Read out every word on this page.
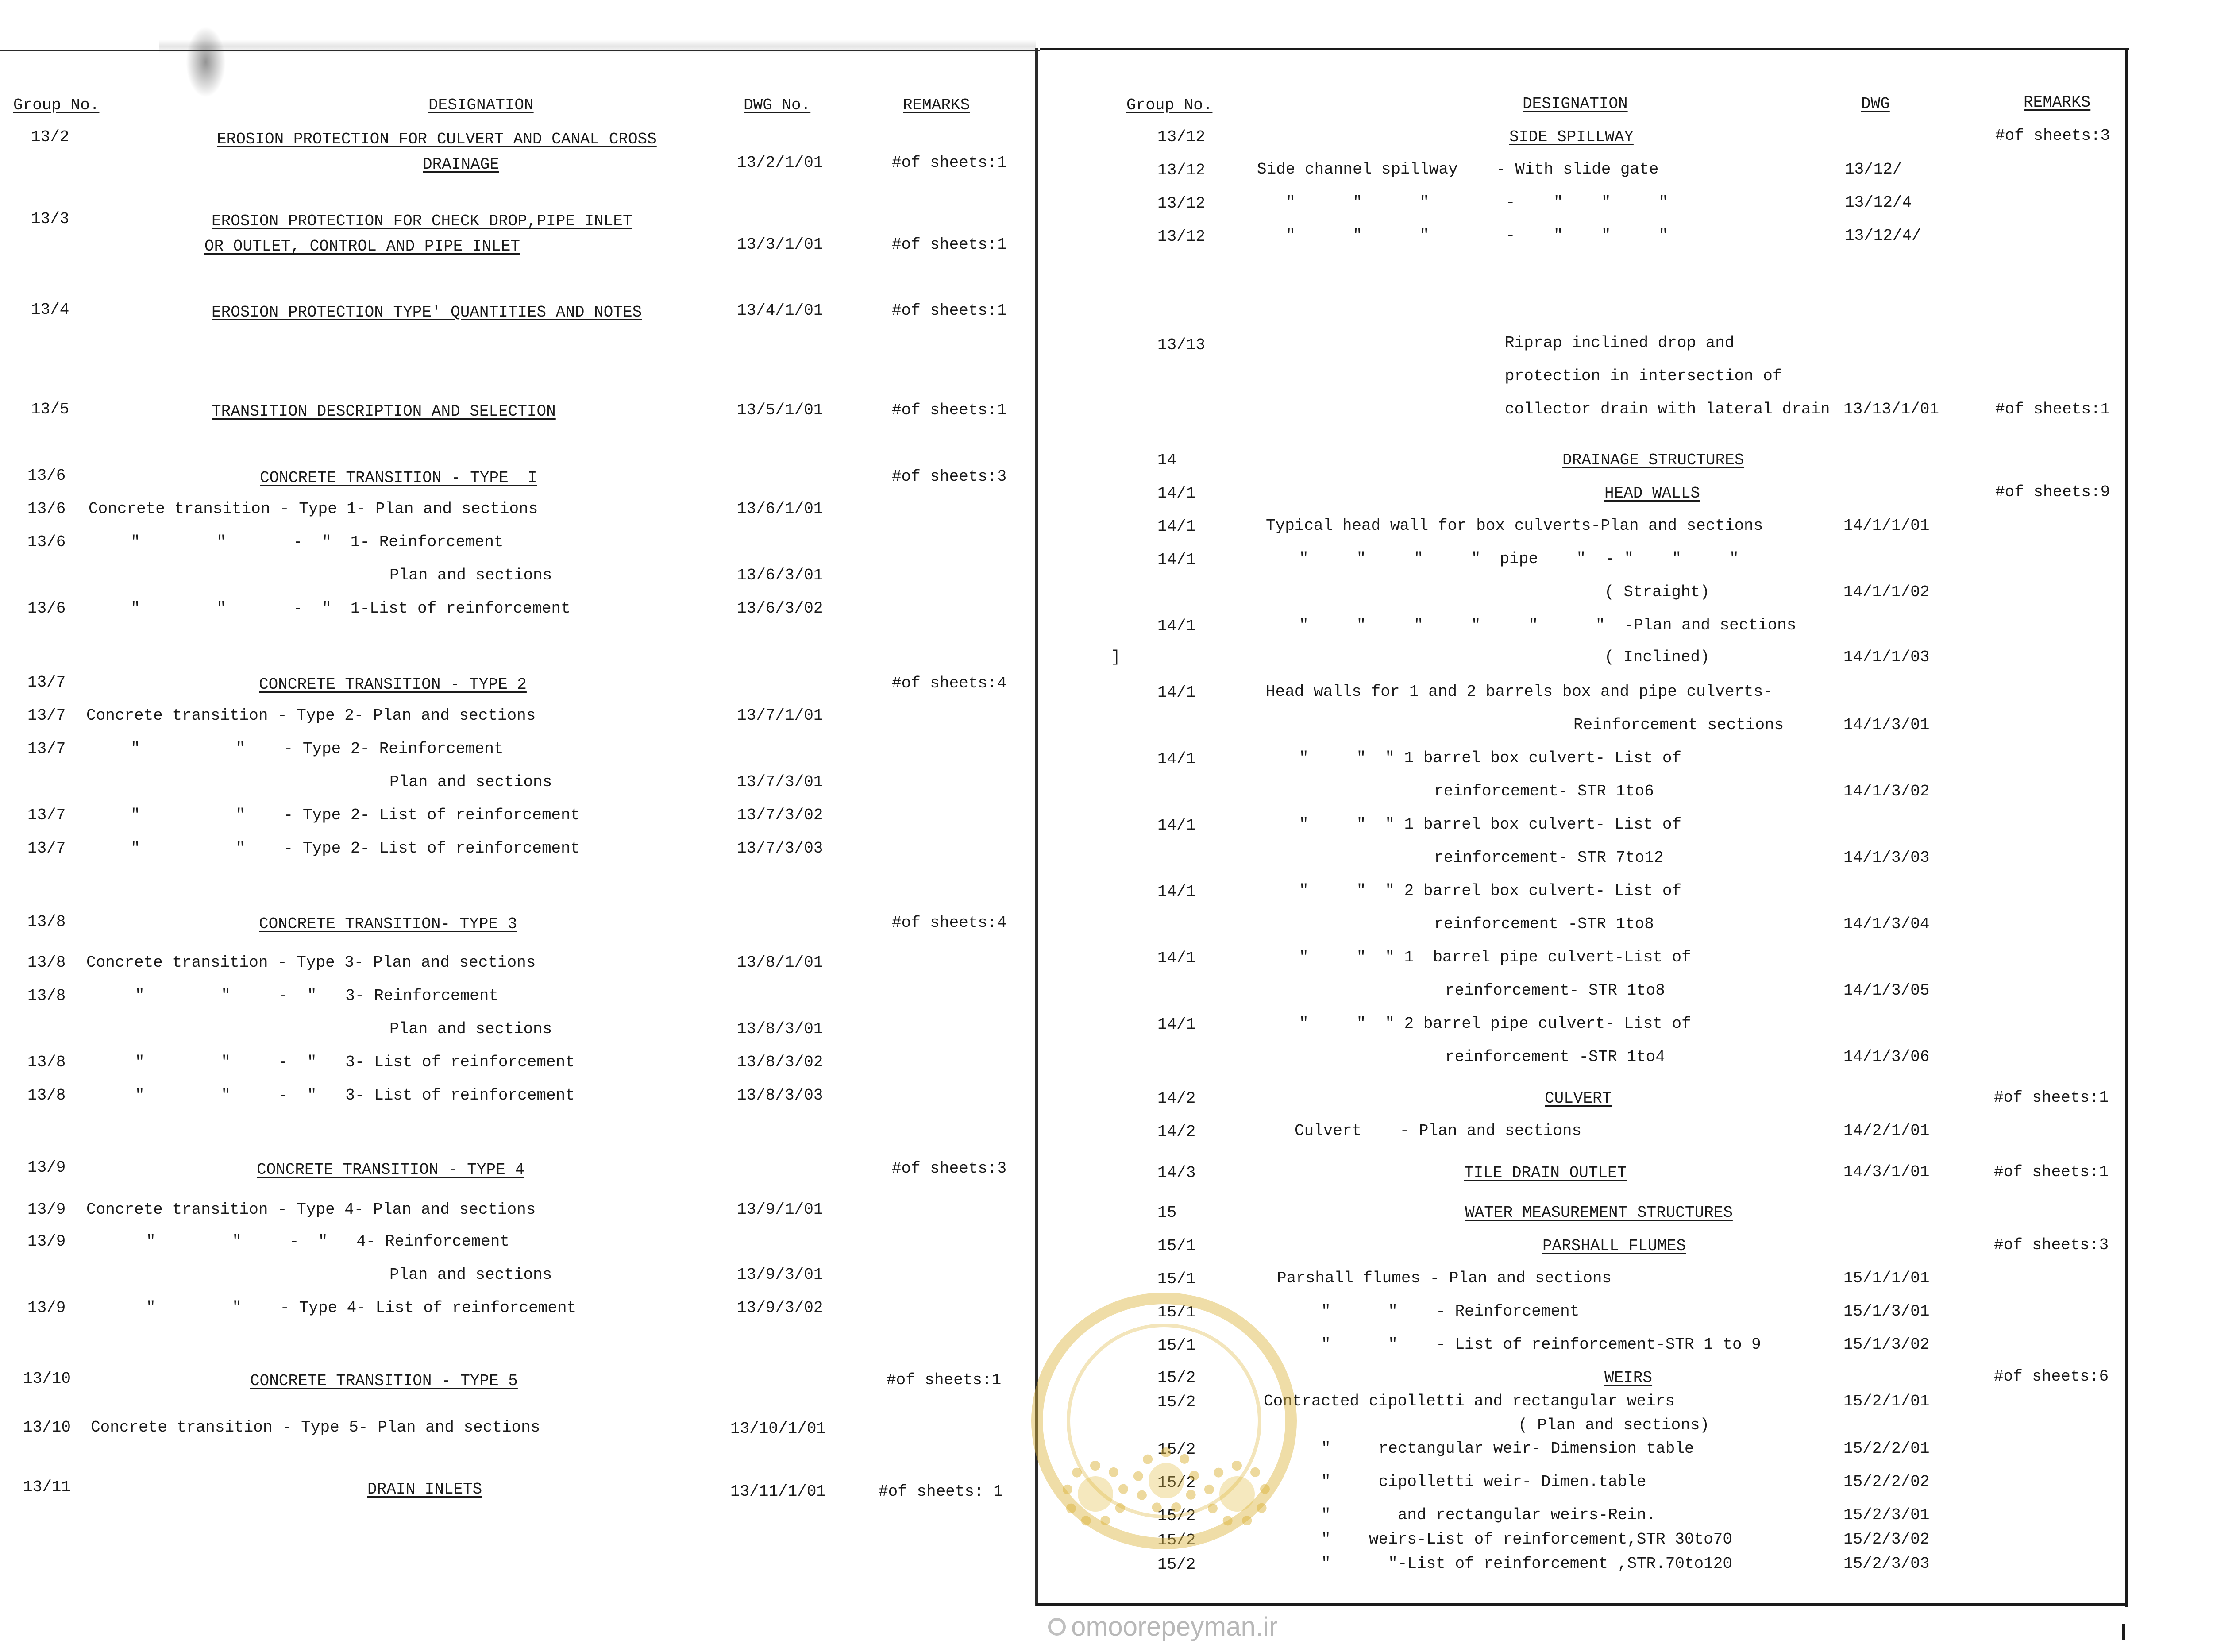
Group No.	DESIGNATION	DWG No.	REMARKS
13/2	EROSION PROTECTION FOR CULVERT AND CANAL CROSS
DRAINAGE	13/2/1/01	#of sheets:1
13/3	EROSION PROTECTION FOR CHECK DROP,PIPE INLET
OR OUTLET, CONTROL AND PIPE INLET	13/3/1/01	#of sheets:1
13/4	EROSION PROTECTION TYPE' QUANTITIES AND NOTES	13/4/1/01	#of sheets:1
13/5	TRANSITION DESCRIPTION AND SELECTION	13/5/1/01	#of sheets:1
13/6	CONCRETE TRANSITION - TYPE  I	#of sheets:3
13/6 Concrete transition - Type 1- Plan and sections	13/6/1/01
13/6	"        "       -  "  1- Reinforcement
Plan and sections	13/6/3/01
13/6	"        "       -  "  1-List of reinforcement	13/6/3/02
13/7	CONCRETE TRANSITION - TYPE 2	#of sheets:4
13/7 Concrete transition - Type 2- Plan and sections	13/7/1/01
13/7	"          "    - Type 2- Reinforcement
Plan and sections	13/7/3/01
13/7	"          "    - Type 2- List of reinforcement	13/7/3/02
13/7	"          "    - Type 2- List of reinforcement	13/7/3/03
13/8	CONCRETE TRANSITION- TYPE 3	#of sheets:4
13/8 Concrete transition - Type 3- Plan and sections	13/8/1/01
13/8	"        "     -  "   3- Reinforcement
Plan and sections	13/8/3/01
13/8	"        "     -  "   3- List of reinforcement	13/8/3/02
13/8	"        "     -  "   3- List of reinforcement	13/8/3/03
13/9	CONCRETE TRANSITION - TYPE 4	#of sheets:3
13/9 Concrete transition - Type 4- Plan and sections	13/9/1/01
13/9	"        "     -  "   4- Reinforcement
Plan and sections	13/9/3/01
13/9	"        "    - Type 4- List of reinforcement	13/9/3/02
13/10	CONCRETE TRANSITION - TYPE 5	#of sheets:1
13/10 Concrete transition - Type 5- Plan and sections	13/10/1/01
13/11	DRAIN INLETS	13/11/1/01	#of sheets: 1
Group No.	DESIGNATION	DWG	REMARKS
13/12	SIDE SPILLWAY	#of sheets:3
13/12	Side channel spillway    - With slide gate	13/12/
13/12	"      "      "        -    "    "     "	13/12/4
13/12	"      "      "        -    "    "     "	13/12/4/
13/13	Riprap inclined drop and
protection in intersection of
collector drain with lateral drain 13/13/1/01	#of sheets:1
14	DRAINAGE STRUCTURES
14/1	HEAD WALLS	#of sheets:9
14/1	Typical head wall for box culverts-Plan and sections	14/1/1/01
14/1	"     "     "     "  pipe    "  - "    "     "
( Straight)	14/1/1/02
14/1	"     "     "     "     "      "  -Plan and sections
]	( Inclined)	14/1/1/03
14/1	Head walls for 1 and 2 barrels box and pipe culverts-
Reinforcement sections	14/1/3/01
14/1	"     "  " 1 barrel box culvert- List of
reinforcement- STR 1to6	14/1/3/02
14/1	"     "  " 1 barrel box culvert- List of
reinforcement- STR 7to12	14/1/3/03
14/1	"     "  " 2 barrel box culvert- List of
reinforcement -STR 1to8	14/1/3/04
14/1	"     "  " 1  barrel pipe culvert-List of
reinforcement- STR 1to8	14/1/3/05
14/1	"     "  " 2 barrel pipe culvert- List of
reinforcement -STR 1to4	14/1/3/06
14/2	CULVERT	#of sheets:1
14/2	Culvert    - Plan and sections	14/2/1/01
14/3	TILE DRAIN OUTLET	14/3/1/01	#of sheets:1
15	WATER MEASUREMENT STRUCTURES
15/1	PARSHALL FLUMES	#of sheets:3
15/1	Parshall flumes - Plan and sections	15/1/1/01
15/1	"      "    - Reinforcement	15/1/3/01
15/1	"      "    - List of reinforcement-STR 1 to 9	15/1/3/02
15/2	WEIRS	#of sheets:6
15/2	Contracted cipolletti and rectangular weirs	15/2/1/01
( Plan and sections)
15/2	"     rectangular weir- Dimension table	15/2/2/01
15/2	"     cipolletti weir- Dimen.table	15/2/2/02
15/2	"       and rectangular weirs-Rein.	15/2/3/01
15/2	"    weirs-List of reinforcement,STR 30to70	15/2/3/02
15/2	"      "-List of reinforcement ,STR.70to120	15/2/3/03
omoorepeyman.ir
